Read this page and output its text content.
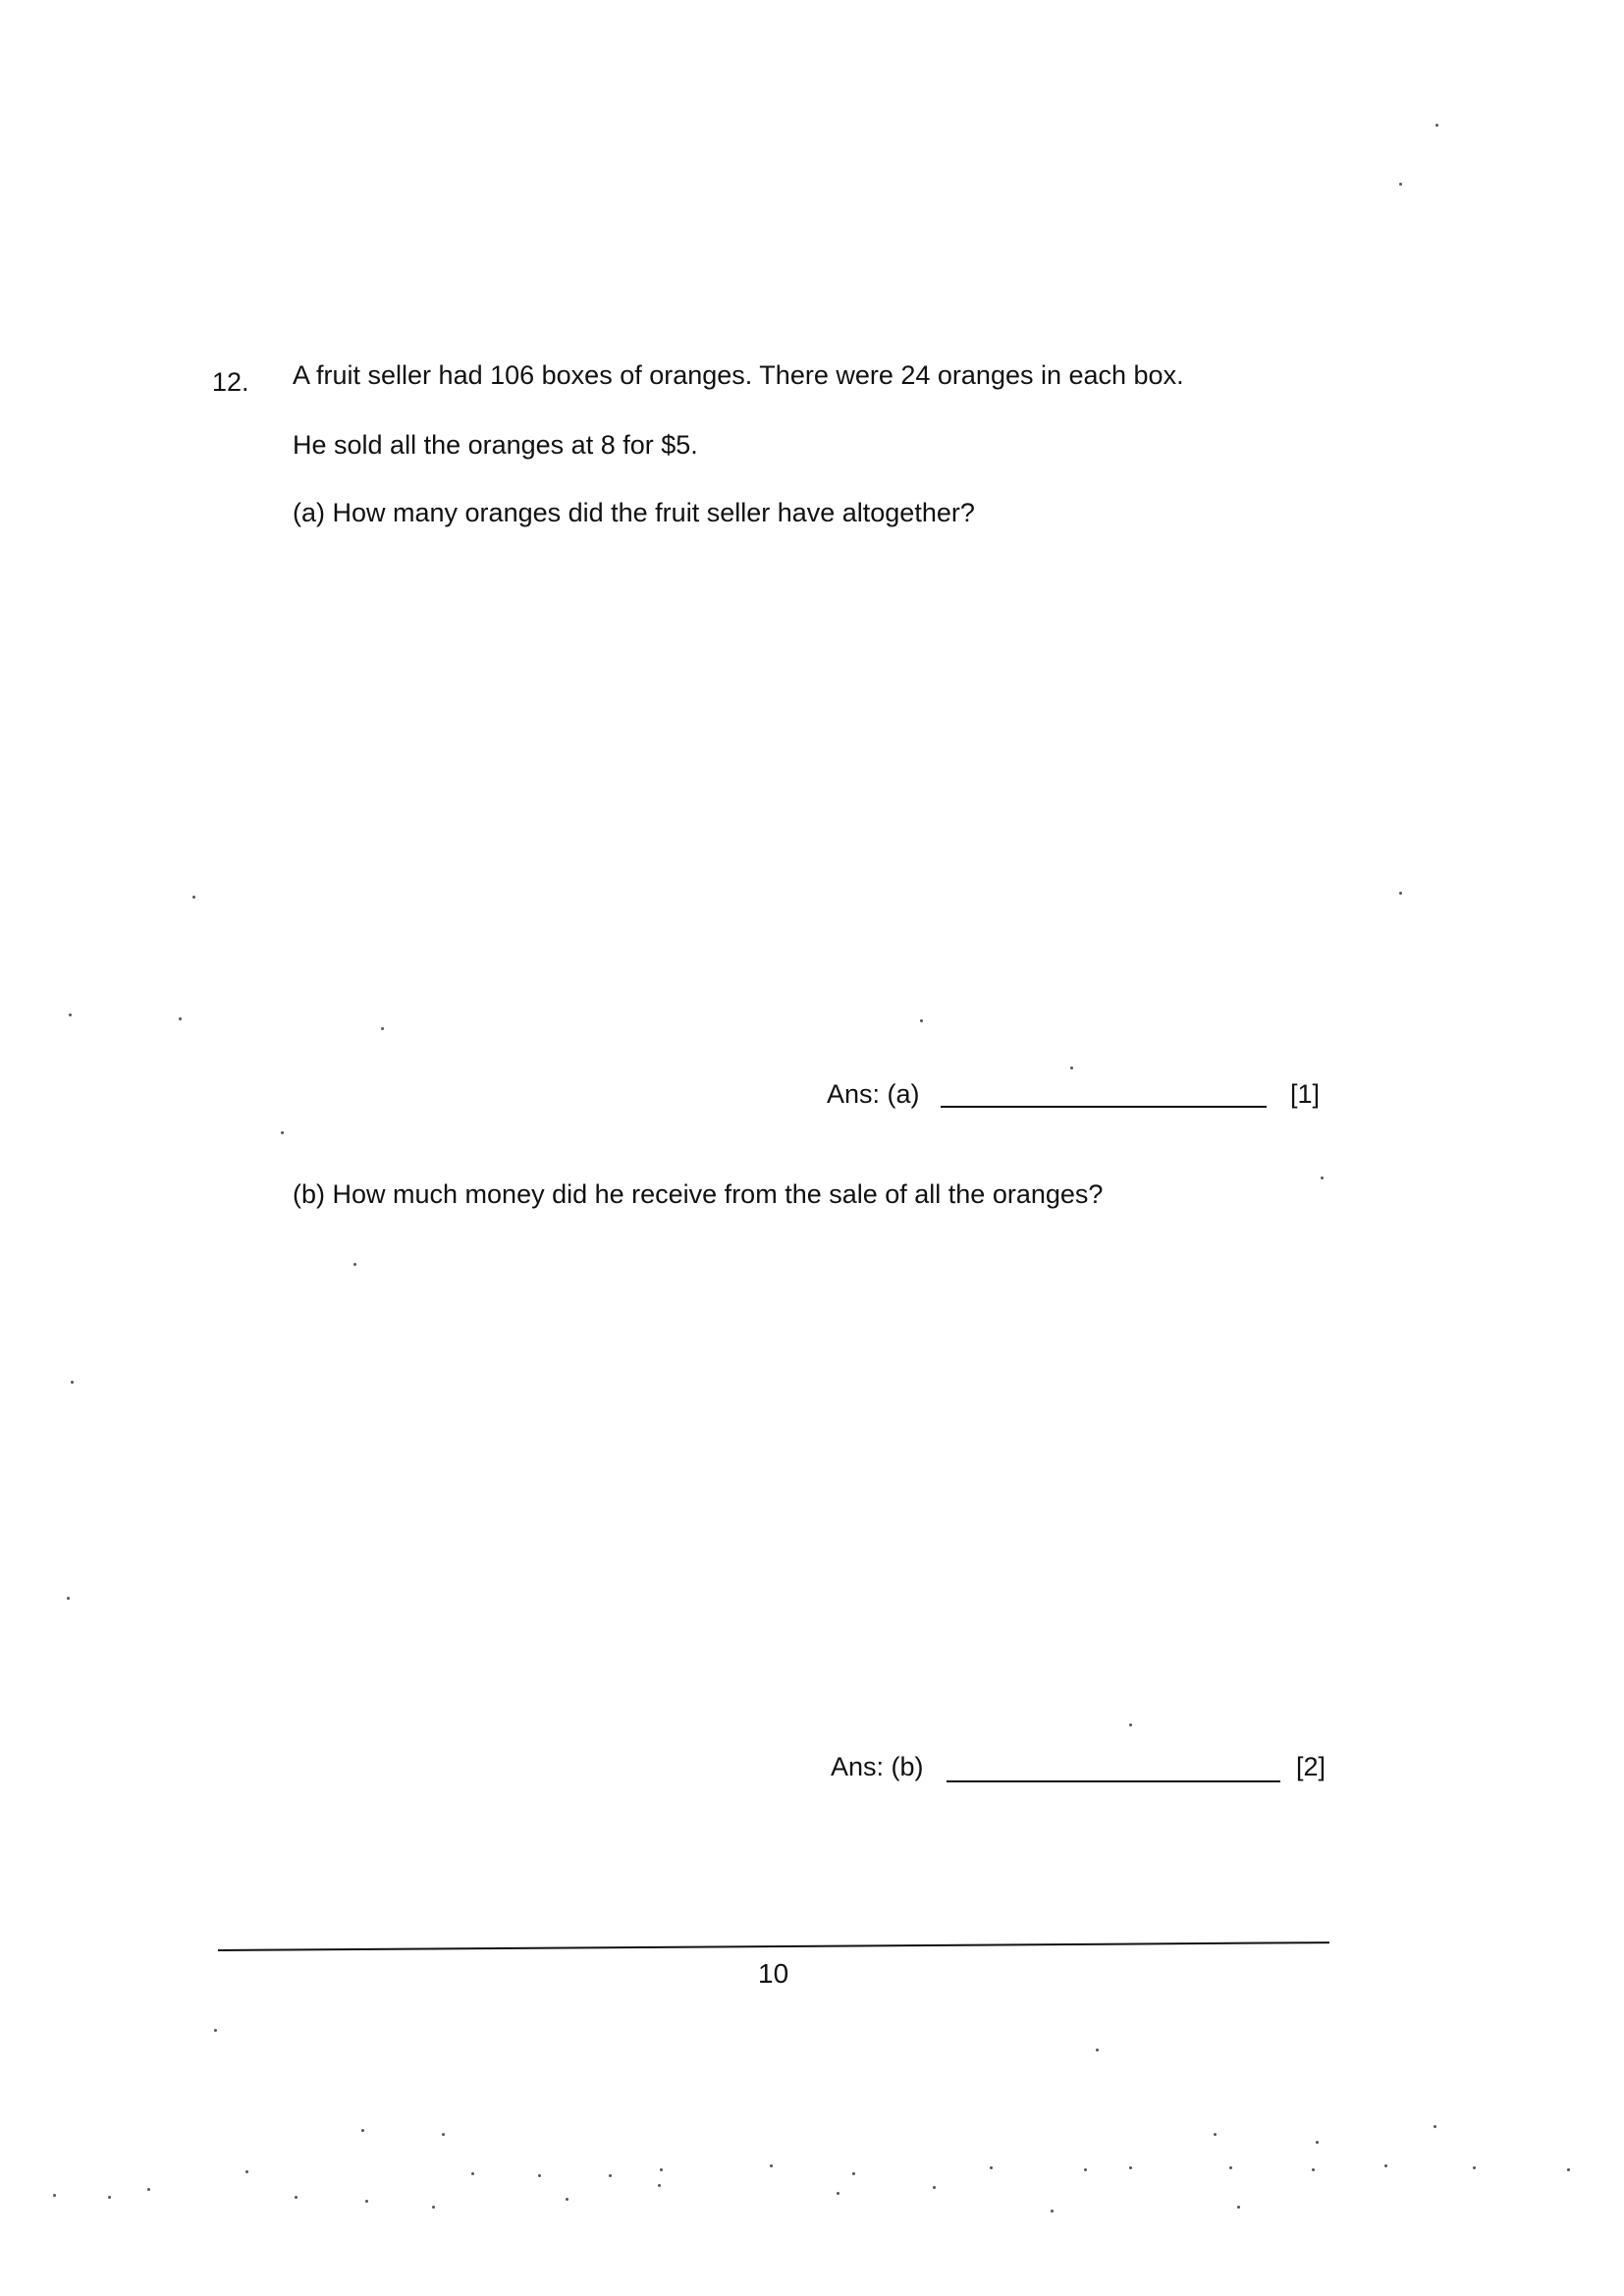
12. A fruit seller had 106 boxes of oranges. There were 24 oranges in each box.
He sold all the oranges at 8 for $5.
(a) How many oranges did the fruit seller have altogether?
Ans: (a)	[1]
(b) How much money did he receive from the sale of all the oranges?
Ans: (b)	[2]
10
